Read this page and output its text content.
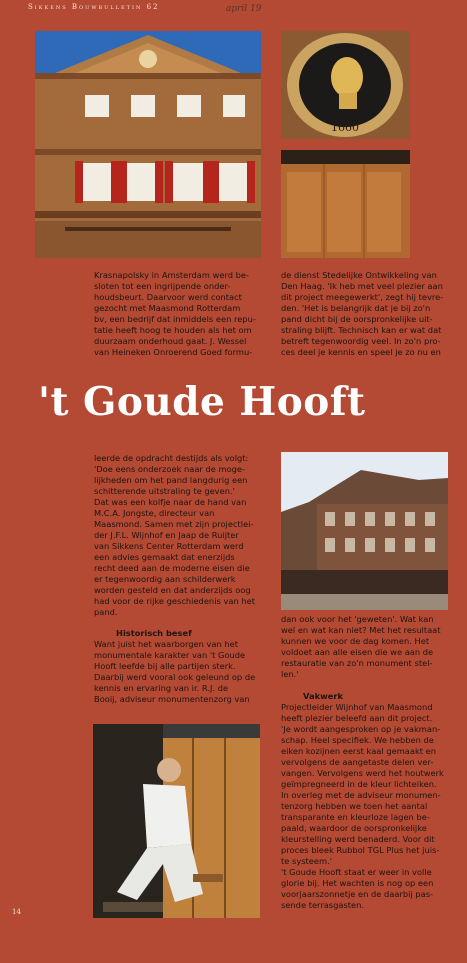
Sikkens Bouwbulletin 62	april 19
1660

Krasnapolsky in Amsterdam werd be-
sloten tot een ingrijpende onder-
houdsbeurt. Daarvoor werd contact
gezocht met Maasmond Rotterdam
bv, een bedrijf dat inmiddels een repu-
tatie heeft hoog te houden als het om
duurzaam onderhoud gaat. J. Wessel
van Heineken Onroerend Goed formu-

de dienst Stedelijke Ontwikkeling van
Den Haag. 'Ik heb met veel plezier aan
dit project meegewerkt', zegt hij tevre-
den. 'Het is belangrijk dat je bij zo'n
pand dicht bij de oorspronkelijke uit-
straling blijft. Technisch kan er wat dat
betreft tegenwoordig veel. In zo'n pro-
ces deel je kennis en speel je zo nu en

't Goude Hooft

leerde de opdracht destijds als volgt:
'Doe eens onderzoek naar de moge-
lijkheden om het pand langdurig een
schitterende uitstraling te geven.'
Dat was een kolfje naar de hand van
M.C.A. Jongste, directeur van
Maasmond. Samen met zijn projectlei-
der J.F.L. Wijnhof en Jaap de Ruijter
van Sikkens Center Rotterdam werd
een advies gemaakt dat enerzijds
recht deed aan de moderne eisen die
er tegenwoordig aan schilderwerk
worden gesteld en dat anderzijds oog
had voor de rijke geschiedenis van het
pand.

Historisch besef

Want juist het waarborgen van het
monumentale karakter van 't Goude
Hooft leefde bij alle partijen sterk.
Daarbij werd vooral ook geleund op de
kennis en ervaring van ir. R.J. de
Booij, adviseur monumentenzorg van

dan ook voor het 'geweten'. Wat kan
wel en wat kan niet? Met het resultaat
kunnen we voor de dag komen. Het
voldoet aan alle eisen die we aan de
restauratie van zo'n monument stel-
len.'

Vakwerk

Projectleider Wijnhof van Maasmond
heeft plezier beleefd aan dit project.
'Je wordt aangesproken op je vakman-
schap. Heel specifiek. We hebben de
eiken kozijnen eerst kaal gemaakt en
vervolgens de aangetaste delen ver-
vangen. Vervolgens werd het houtwerk
geïmpregneerd in de kleur lichteiken.
In overleg met de adviseur monumen-
tenzorg hebben we toen het aantal
transparante en kleurloze lagen be-
paald, waardoor de oorspronkelijke
kleurstelling werd benaderd. Voor dit
proces bleek Rubbol TGL Plus het juis-
te systeem.'
't Goude Hooft staat er weer in volle
glorie bij. Het wachten is nog op een
voorjaarszonnetje en de daarbij pas-
sende terrasgasten.

14
